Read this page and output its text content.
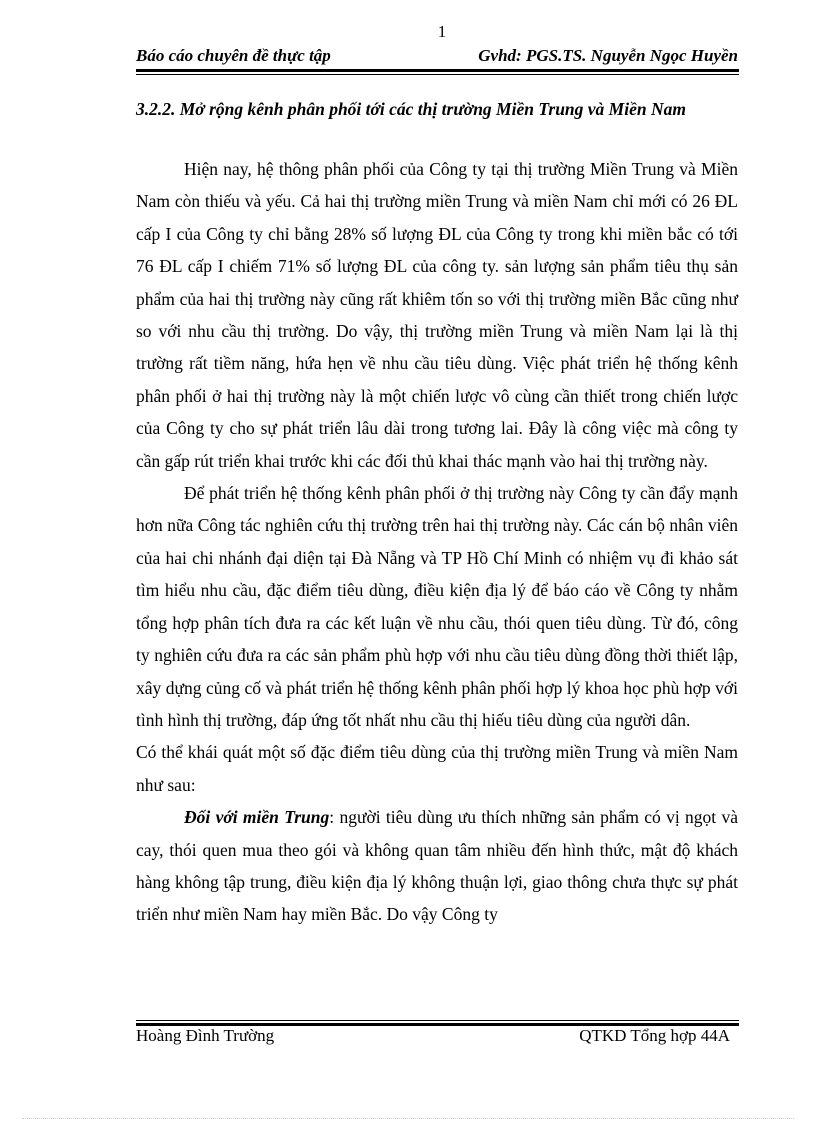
1
Báo cáo chuyên đề thực tập	Gvhd: PGS.TS. Nguyễn Ngọc Huyền
3.2.2. Mở rộng kênh phân phối tới các thị trường Miền Trung và Miền Nam

Hiện nay, hệ thông phân phối của Công ty tại thị trường Miền Trung và Miền Nam còn thiếu và yếu. Cả hai thị trường miền Trung và miền Nam chỉ mới có 26 ĐL cấp I của Công ty chỉ bằng 28% số lượng ĐL của Công ty trong khi miền bắc có tới 76 ĐL cấp I chiếm 71% số lượng ĐL của công ty. sản lượng sản phẩm tiêu thụ sản phẩm của hai thị trường này cũng rất khiêm tốn so với thị trường miền Bắc cũng như so với nhu cầu thị trường. Do vậy, thị trường miền Trung và miền Nam lại là thị trường rất tiềm năng, hứa hẹn về nhu cầu tiêu dùng. Việc phát triển hệ thống kênh phân phối ở hai thị trường này là một chiến lược vô cùng cần thiết trong chiến lược của Công ty cho sự phát triển lâu dài trong tương lai. Đây là công việc mà công ty cần gấp rút triển khai trước khi các đối thủ khai thác mạnh vào hai thị trường này.

Để phát triển hệ thống kênh phân phối ở thị trường này Công ty cần đẩy mạnh hơn nữa Công tác nghiên cứu thị trường trên hai thị trường này. Các cán bộ nhân viên của hai chi nhánh đại diện tại Đà Nẵng và TP Hồ Chí Minh có nhiệm vụ đi khảo sát tìm hiểu nhu cầu, đặc điểm tiêu dùng, điều kiện địa lý để báo cáo về Công ty nhằm tổng hợp phân tích đưa ra các kết luận về nhu cầu, thói quen tiêu dùng. Từ đó, công ty nghiên cứu đưa ra các sản phẩm phù hợp với nhu cầu tiêu dùng đồng thời thiết lập, xây dựng củng cố và phát triển hệ thống kênh phân phối hợp lý khoa học phù hợp với tình hình thị trường, đáp ứng tốt nhất nhu cầu thị hiếu tiêu dùng của người dân.

Có thể khái quát một số đặc điểm tiêu dùng của thị trường miền Trung và miền Nam như sau:

Đối với miền Trung: người tiêu dùng ưu thích những sản phẩm có vị ngọt và cay, thói quen mua theo gói và không quan tâm nhiều đến hình thức, mật độ khách hàng không tập trung, điều kiện địa lý không thuận lợi, giao thông chưa thực sự phát triển như miền Nam hay miền Bắc. Do vậy Công ty

Hoàng Đình Trường	QTKD Tổng hợp 44A
